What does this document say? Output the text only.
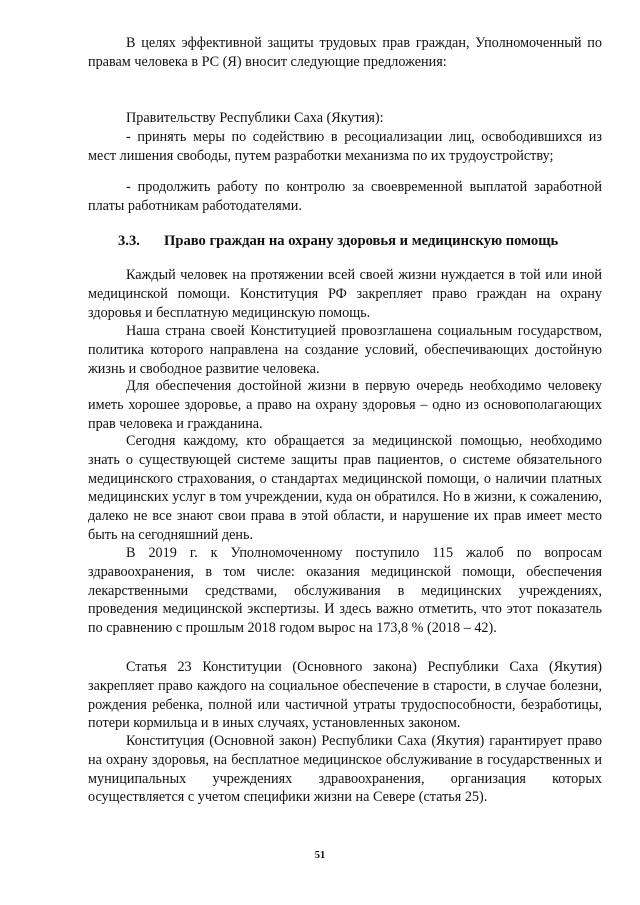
В целях эффективной защиты трудовых прав граждан, Уполномоченный по правам человека в РС (Я) вносит следующие предложения:
Правительству Республики Саха (Якутия):
- принять меры по содействию в ресоциализации лиц, освободившихся из мест лишения свободы, путем разработки механизма по их трудоустройству;
- продолжить работу по контролю за своевременной выплатой заработной платы работникам работодателями.
3.3. Право граждан на охрану здоровья и медицинскую помощь
Каждый человек на протяжении всей своей жизни нуждается в той или иной медицинской помощи. Конституция РФ закрепляет право граждан на охрану здоровья и бесплатную медицинскую помощь.
Наша страна своей Конституцией провозглашена социальным государством, политика которого направлена на создание условий, обеспечивающих достойную жизнь и свободное развитие человека.
Для обеспечения достойной жизни в первую очередь необходимо человеку иметь хорошее здоровье, а право на охрану здоровья – одно из основополагающих прав человека и гражданина.
Сегодня каждому, кто обращается за медицинской помощью, необходимо знать о существующей системе защиты прав пациентов, о системе обязательного медицинского страхования, о стандартах медицинской помощи, о наличии платных медицинских услуг в том учреждении, куда он обратился. Но в жизни, к сожалению, далеко не все знают свои права в этой области, и нарушение их прав имеет место быть на сегодняшний день.
В 2019 г. к Уполномоченному поступило 115 жалоб по вопросам здравоохранения, в том числе: оказания медицинской помощи, обеспечения лекарственными средствами, обслуживания в медицинских учреждениях, проведения медицинской экспертизы. И здесь важно отметить, что этот показатель по сравнению с прошлым 2018 годом вырос на 173,8 % (2018 – 42).
Статья 23 Конституции (Основного закона) Республики Саха (Якутия) закрепляет право каждого на социальное обеспечение в старости, в случае болезни, рождения ребенка, полной или частичной утраты трудоспособности, безработицы, потери кормильца и в иных случаях, установленных законом.
Конституция (Основной закон) Республики Саха (Якутия) гарантирует право на охрану здоровья, на бесплатное медицинское обслуживание в государственных и муниципальных учреждениях здравоохранения, организация которых осуществляется с учетом специфики жизни на Севере (статья 25).
51
